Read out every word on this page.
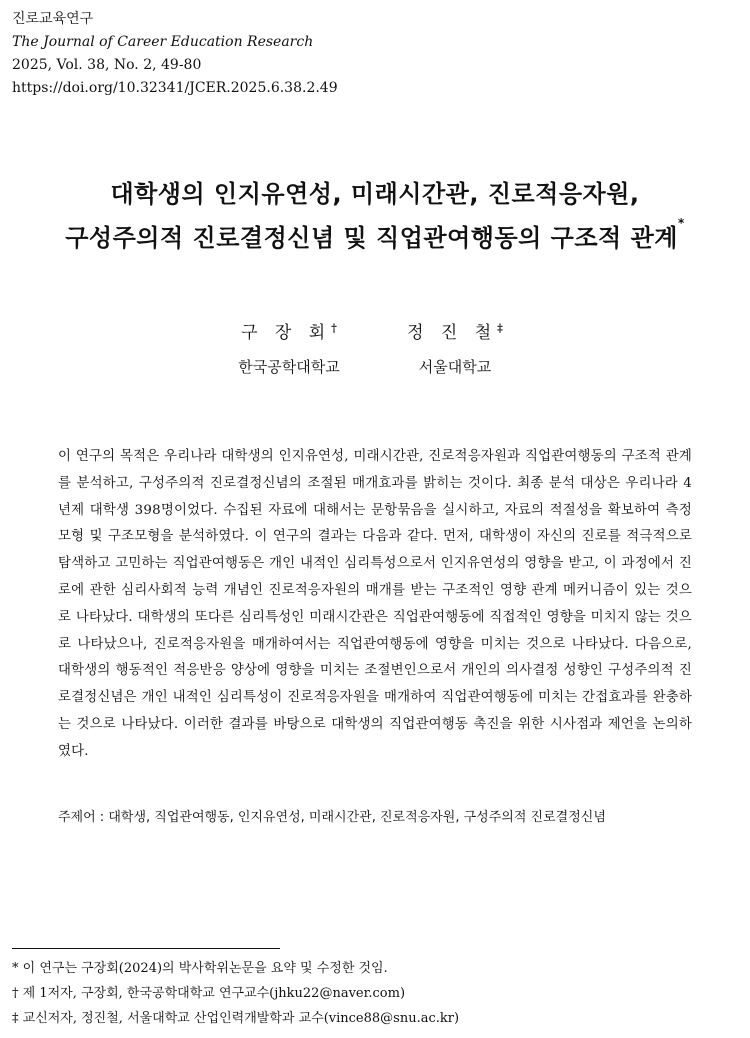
진로교육연구
The Journal of Career Education Research
2025, Vol. 38, No. 2, 49-80
https://doi.org/10.32341/JCER.2025.6.38.2.49
대학생의 인지유연성, 미래시간관, 진로적응자원,
구성주의적 진로결정신념 및 직업관여행동의 구조적 관계*
구 장 회†	정 진 철‡
한국공학대학교	서울대학교
이 연구의 목적은 우리나라 대학생의 인지유연성, 미래시간관, 진로적응자원과 직업관여행동의 구조적 관계를 분석하고, 구성주의적 진로결정신념의 조절된 매개효과를 밝히는 것이다. 최종 분석 대상은 우리나라 4년제 대학생 398명이었다. 수집된 자료에 대해서는 문항묶음을 실시하고, 자료의 적절성을 확보하여 측정모형 및 구조모형을 분석하였다. 이 연구의 결과는 다음과 같다. 먼저, 대학생이 자신의 진로를 적극적으로 탐색하고 고민하는 직업관여행동은 개인 내적인 심리특성으로서 인지유연성의 영향을 받고, 이 과정에서 진로에 관한 심리사회적 능력 개념인 진로적응자원의 매개를 받는 구조적인 영향 관계 메커니즘이 있는 것으로 나타났다. 대학생의 또다른 심리특성인 미래시간관은 직업관여행동에 직접적인 영향을 미치지 않는 것으로 나타났으나, 진로적응자원을 매개하여서는 직업관여행동에 영향을 미치는 것으로 나타났다. 다음으로, 대학생의 행동적인 적응반응 양상에 영향을 미치는 조절변인으로서 개인의 의사결정 성향인 구성주의적 진로결정신념은 개인 내적인 심리특성이 진로적응자원을 매개하여 직업관여행동에 미치는 간접효과를 완충하는 것으로 나타났다. 이러한 결과를 바탕으로 대학생의 직업관여행동 촉진을 위한 시사점과 제언을 논의하였다.
주제어 : 대학생, 직업관여행동, 인지유연성, 미래시간관, 진로적응자원, 구성주의적 진로결정신념
* 이 연구는 구장회(2024)의 박사학위논문을 요약 및 수정한 것임.
† 제 1저자, 구장회, 한국공학대학교 연구교수(jhku22@naver.com)
‡ 교신저자, 정진철, 서울대학교 산업인력개발학과 교수(vince88@snu.ac.kr)
